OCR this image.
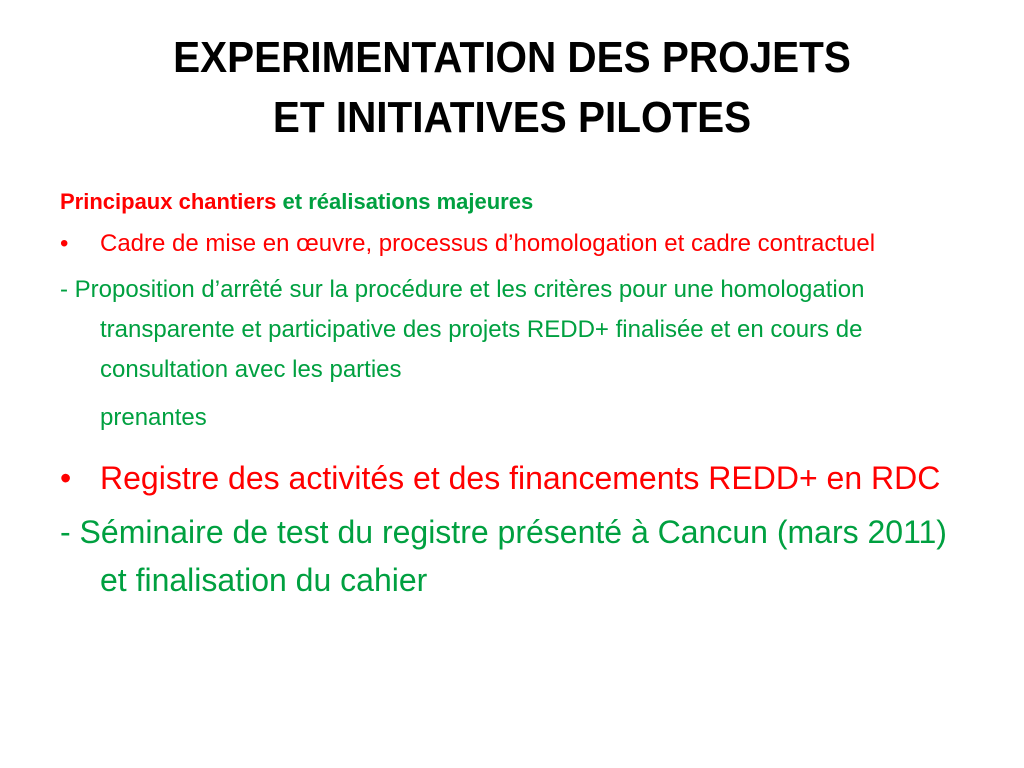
EXPERIMENTATION DES PROJETS
ET INITIATIVES PILOTES
Principaux chantiers et réalisations majeures
• Cadre de mise en œuvre, processus d’homologation et cadre contractuel
- Proposition d’arrêté sur la procédure et les critères pour une homologation transparente et participative des projets REDD+ finalisée et en cours de consultation avec les parties
prenantes
• Registre des activités et des financements REDD+ en RDC
- Séminaire de test du registre présenté à Cancun (mars 2011) et finalisation du cahier
